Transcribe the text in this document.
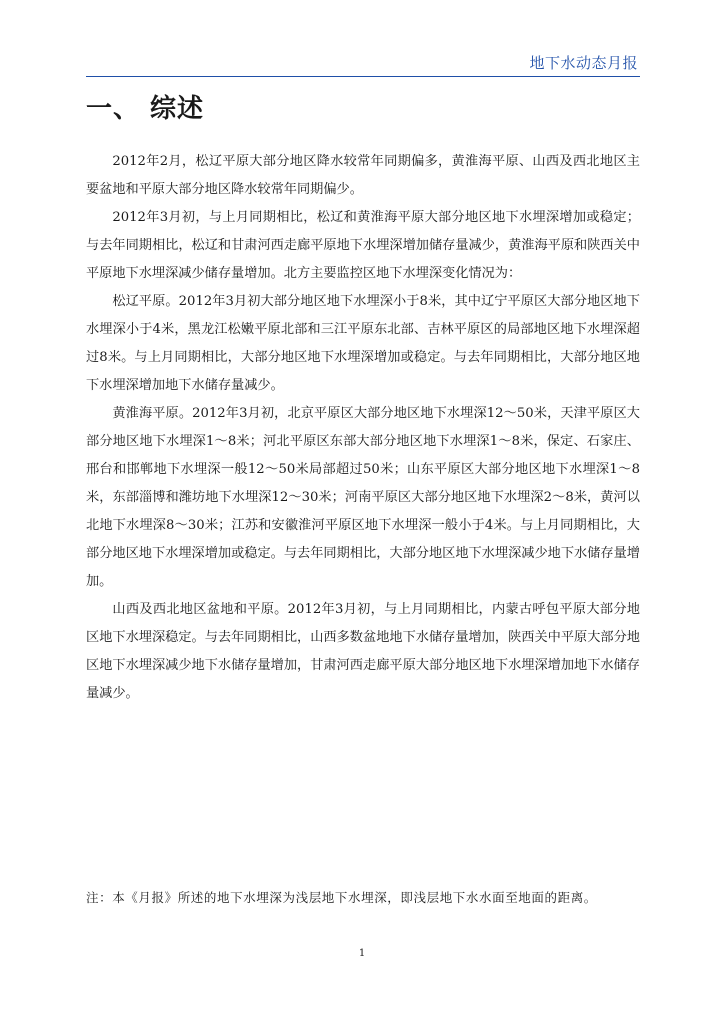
地下水动态月报
一、 综述

2012年2月，松辽平原大部分地区降水较常年同期偏多，黄淮海平原、山西及西北地区主要盆地和平原大部分地区降水较常年同期偏少。

2012年3月初，与上月同期相比，松辽和黄淮海平原大部分地区地下水埋深增加或稳定；与去年同期相比，松辽和甘肃河西走廊平原地下水埋深增加储存量减少，黄淮海平原和陕西关中平原地下水埋深减少储存量增加。北方主要监控区地下水埋深变化情况为：

松辽平原。2012年3月初大部分地区地下水埋深小于8米，其中辽宁平原区大部分地区地下水埋深小于4米，黑龙江松嫩平原北部和三江平原东北部、吉林平原区的局部地区地下水埋深超过8米。与上月同期相比，大部分地区地下水埋深增加或稳定。与去年同期相比，大部分地区地下水埋深增加地下水储存量减少。

黄淮海平原。2012年3月初，北京平原区大部分地区地下水埋深12～50米，天津平原区大部分地区地下水埋深1～8米；河北平原区东部大部分地区地下水埋深1～8米，保定、石家庄、邢台和邯郸地下水埋深一般12～50米局部超过50米；山东平原区大部分地区地下水埋深1～8米，东部淄博和潍坊地下水埋深12～30米；河南平原区大部分地区地下水埋深2～8米，黄河以北地下水埋深8～30米；江苏和安徽淮河平原区地下水埋深一般小于4米。与上月同期相比，大部分地区地下水埋深增加或稳定。与去年同期相比，大部分地区地下水埋深减少地下水储存量增加。

山西及西北地区盆地和平原。2012年3月初，与上月同期相比，内蒙古呼包平原大部分地区地下水埋深稳定。与去年同期相比，山西多数盆地地下水储存量增加，陕西关中平原大部分地区地下水埋深减少地下水储存量增加，甘肃河西走廊平原大部分地区地下水埋深增加地下水储存量减少。

注：本《月报》所述的地下水埋深为浅层地下水埋深，即浅层地下水水面至地面的距离。
1
